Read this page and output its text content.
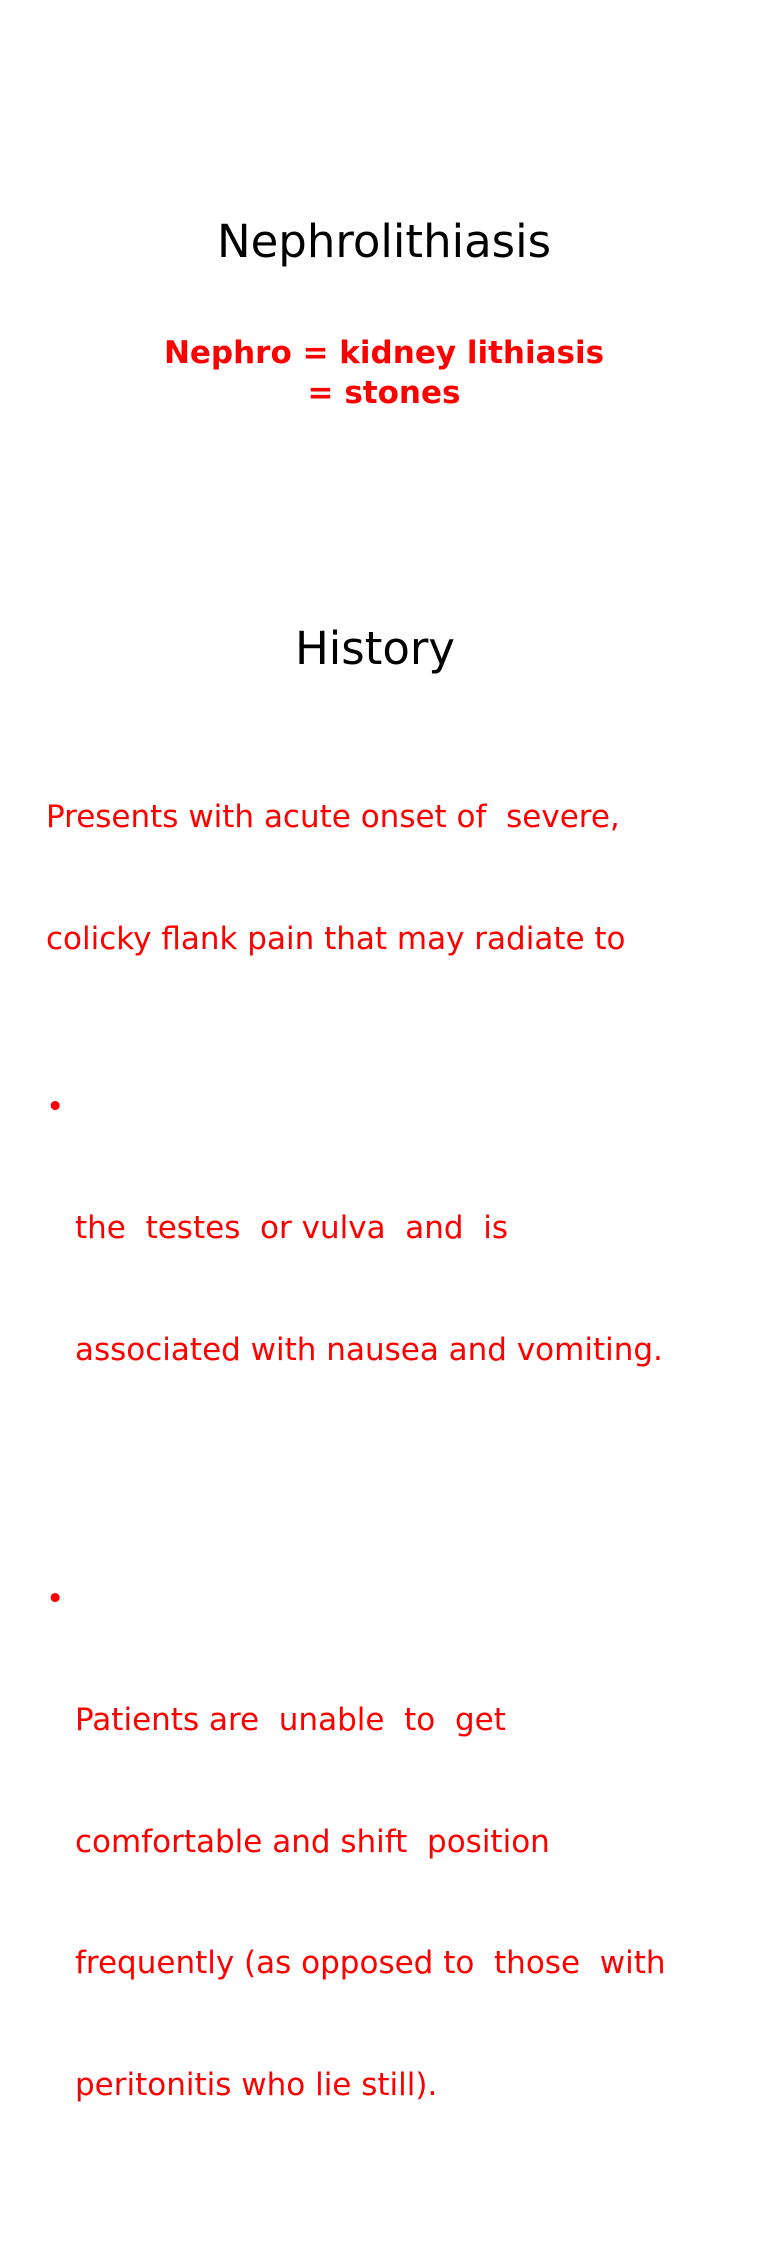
Nephrolithiasis
Nephro = kidney lithiasis
= stones
History

Presents with acute onset of  severe,

colicky flank pain that may radiate to

•

the  testes  or vulva  and  is

associated with nausea and vomiting.

•

Patients are  unable  to  get

comfortable and shift  position

frequently (as opposed to  those  with

peritonitis who lie still).
